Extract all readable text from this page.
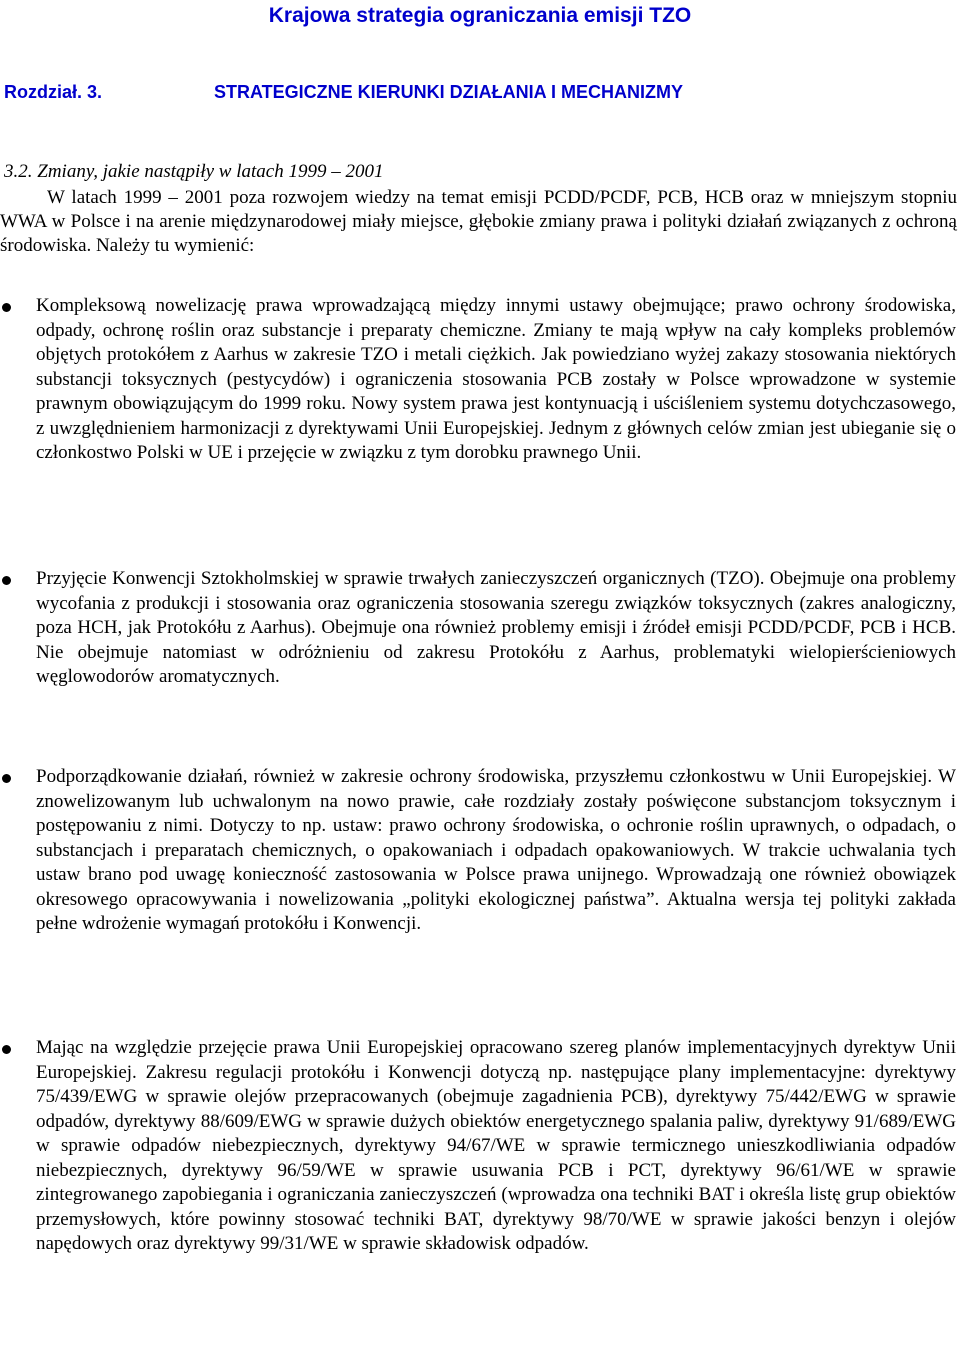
Krajowa strategia ograniczania emisji TZO
Rozdział. 3.	STRATEGICZNE KIERUNKI DZIAŁANIA I MECHANIZMY
3.2. Zmiany, jakie nastąpiły w latach 1999 – 2001
W latach 1999 – 2001 poza rozwojem wiedzy na temat emisji PCDD/PCDF, PCB, HCB oraz w mniejszym stopniu WWA w Polsce i na arenie międzynarodowej miały miejsce, głębokie zmiany prawa i polityki działań związanych z ochroną środowiska. Należy tu wymienić:
Kompleksową nowelizację prawa wprowadzającą między innymi ustawy obejmujące; prawo ochrony środowiska, odpady, ochronę roślin oraz substancje i preparaty chemiczne. Zmiany te mają wpływ na cały kompleks problemów objętych protokółem z Aarhus w zakresie TZO i metali ciężkich. Jak powiedziano wyżej zakazy stosowania niektórych substancji toksycznych (pestycydów) i ograniczenia stosowania PCB zostały w Polsce wprowadzone w systemie prawnym obowiązującym do 1999 roku. Nowy system prawa jest kontynuacją i uściśleniem systemu dotychczasowego, z uwzględnieniem harmonizacji z dyrektywami Unii Europejskiej. Jednym z głównych celów zmian jest ubieganie się o członkostwo Polski w UE i przejęcie w związku z tym dorobku prawnego Unii.
Przyjęcie Konwencji Sztokholmskiej w sprawie trwałych zanieczyszczeń organicznych (TZO). Obejmuje ona problemy wycofania z produkcji i stosowania oraz ograniczenia stosowania szeregu związków toksycznych (zakres analogiczny, poza HCH, jak Protokółu z Aarhus). Obejmuje ona również problemy emisji i źródeł emisji PCDD/PCDF, PCB i HCB. Nie obejmuje natomiast w odróżnieniu od zakresu Protokółu z Aarhus, problematyki wielopierścieniowych węglowodorów aromatycznych.
Podporządkowanie działań, również w zakresie ochrony środowiska, przyszłemu członkostwu w Unii Europejskiej. W znowelizowanym lub uchwalonym na nowo prawie, całe rozdziały zostały poświęcone substancjom toksycznym i postępowaniu z nimi. Dotyczy to np. ustaw: prawo ochrony środowiska, o ochronie roślin uprawnych, o odpadach, o substancjach i preparatach chemicznych, o opakowaniach i odpadach opakowaniowych. W trakcie uchwalania tych ustaw brano pod uwagę konieczność zastosowania w Polsce prawa unijnego. Wprowadzają one również obowiązek okresowego opracowywania i nowelizowania „polityki ekologicznej państwa”. Aktualna wersja tej polityki zakłada pełne wdrożenie wymagań protokółu i Konwencji.
Mając na względzie przejęcie prawa Unii Europejskiej opracowano szereg planów implementacyjnych dyrektyw Unii Europejskiej. Zakresu regulacji protokółu i Konwencji dotyczą np. następujące plany implementacyjne: dyrektywy 75/439/EWG w sprawie olejów przepracowanych (obejmuje zagadnienia PCB), dyrektywy 75/442/EWG w sprawie odpadów, dyrektywy 88/609/EWG w sprawie dużych obiektów energetycznego spalania paliw, dyrektywy 91/689/EWG w sprawie odpadów niebezpiecznych, dyrektywy 94/67/WE w sprawie termicznego unieszkodliwiania odpadów niebezpiecznych, dyrektywy 96/59/WE w sprawie usuwania PCB i PCT, dyrektywy 96/61/WE w sprawie zintegrowanego zapobiegania i ograniczania zanieczyszczeń (wprowadza ona techniki BAT i określa listę grup obiektów przemysłowych, które powinny stosować techniki BAT, dyrektywy 98/70/WE w sprawie jakości benzyn i olejów napędowych oraz dyrektywy 99/31/WE w sprawie składowisk odpadów.
